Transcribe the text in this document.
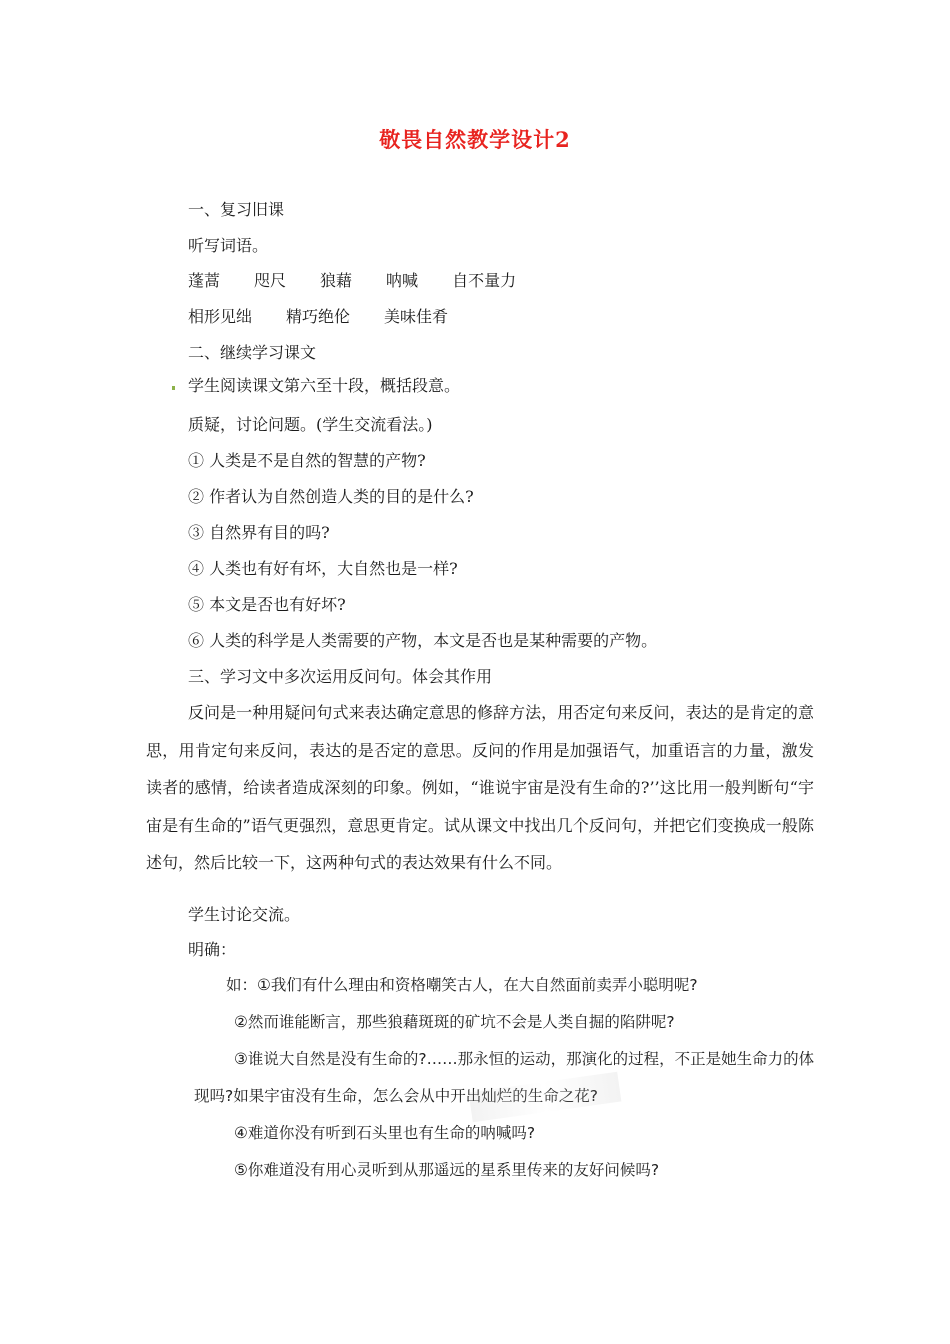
敬畏自然教学设计2
一、复习旧课
听写词语。
蓬蒿 咫尺 狼藉 呐喊 自不量力
相形见绌 精巧绝伦 美味佳肴
二、继续学习课文
学生阅读课文第六至十段，概括段意。
质疑，讨论问题。(学生交流看法。)
① 人类是不是自然的智慧的产物?
② 作者认为自然创造人类的目的是什么?
③ 自然界有目的吗?
④ 人类也有好有坏，大自然也是一样?
⑤ 本文是否也有好坏?
⑥ 人类的科学是人类需要的产物，本文是否也是某种需要的产物。
三、学习文中多次运用反问句。体会其作用
反问是一种用疑问句式来表达确定意思的修辞方法，用否定句来反问，表达的是肯定的意思，用肯定句来反问，表达的是否定的意思。反问的作用是加强语气，加重语言的力量，激发读者的感情，给读者造成深刻的印象。例如，“谁说宇宙是没有生命的?’’这比用一般判断句“宇宙是有生命的”语气更强烈，意思更肯定。试从课文中找出几个反问句，并把它们变换成一般陈述句，然后比较一下，这两种句式的表达效果有什么不同。
学生讨论交流。
明确：
如：①我们有什么理由和资格嘲笑古人，在大自然面前卖弄小聪明呢?
②然而谁能断言，那些狼藉斑斑的矿坑不会是人类自掘的陷阱呢?
③谁说大自然是没有生命的?……那永恒的运动，那演化的过程，不正是她生命力的体
现吗?如果宇宙没有生命，怎么会从中开出灿烂的生命之花?
④难道你没有听到石头里也有生命的呐喊吗?
⑤你难道没有用心灵听到从那遥远的星系里传来的友好问候吗?
